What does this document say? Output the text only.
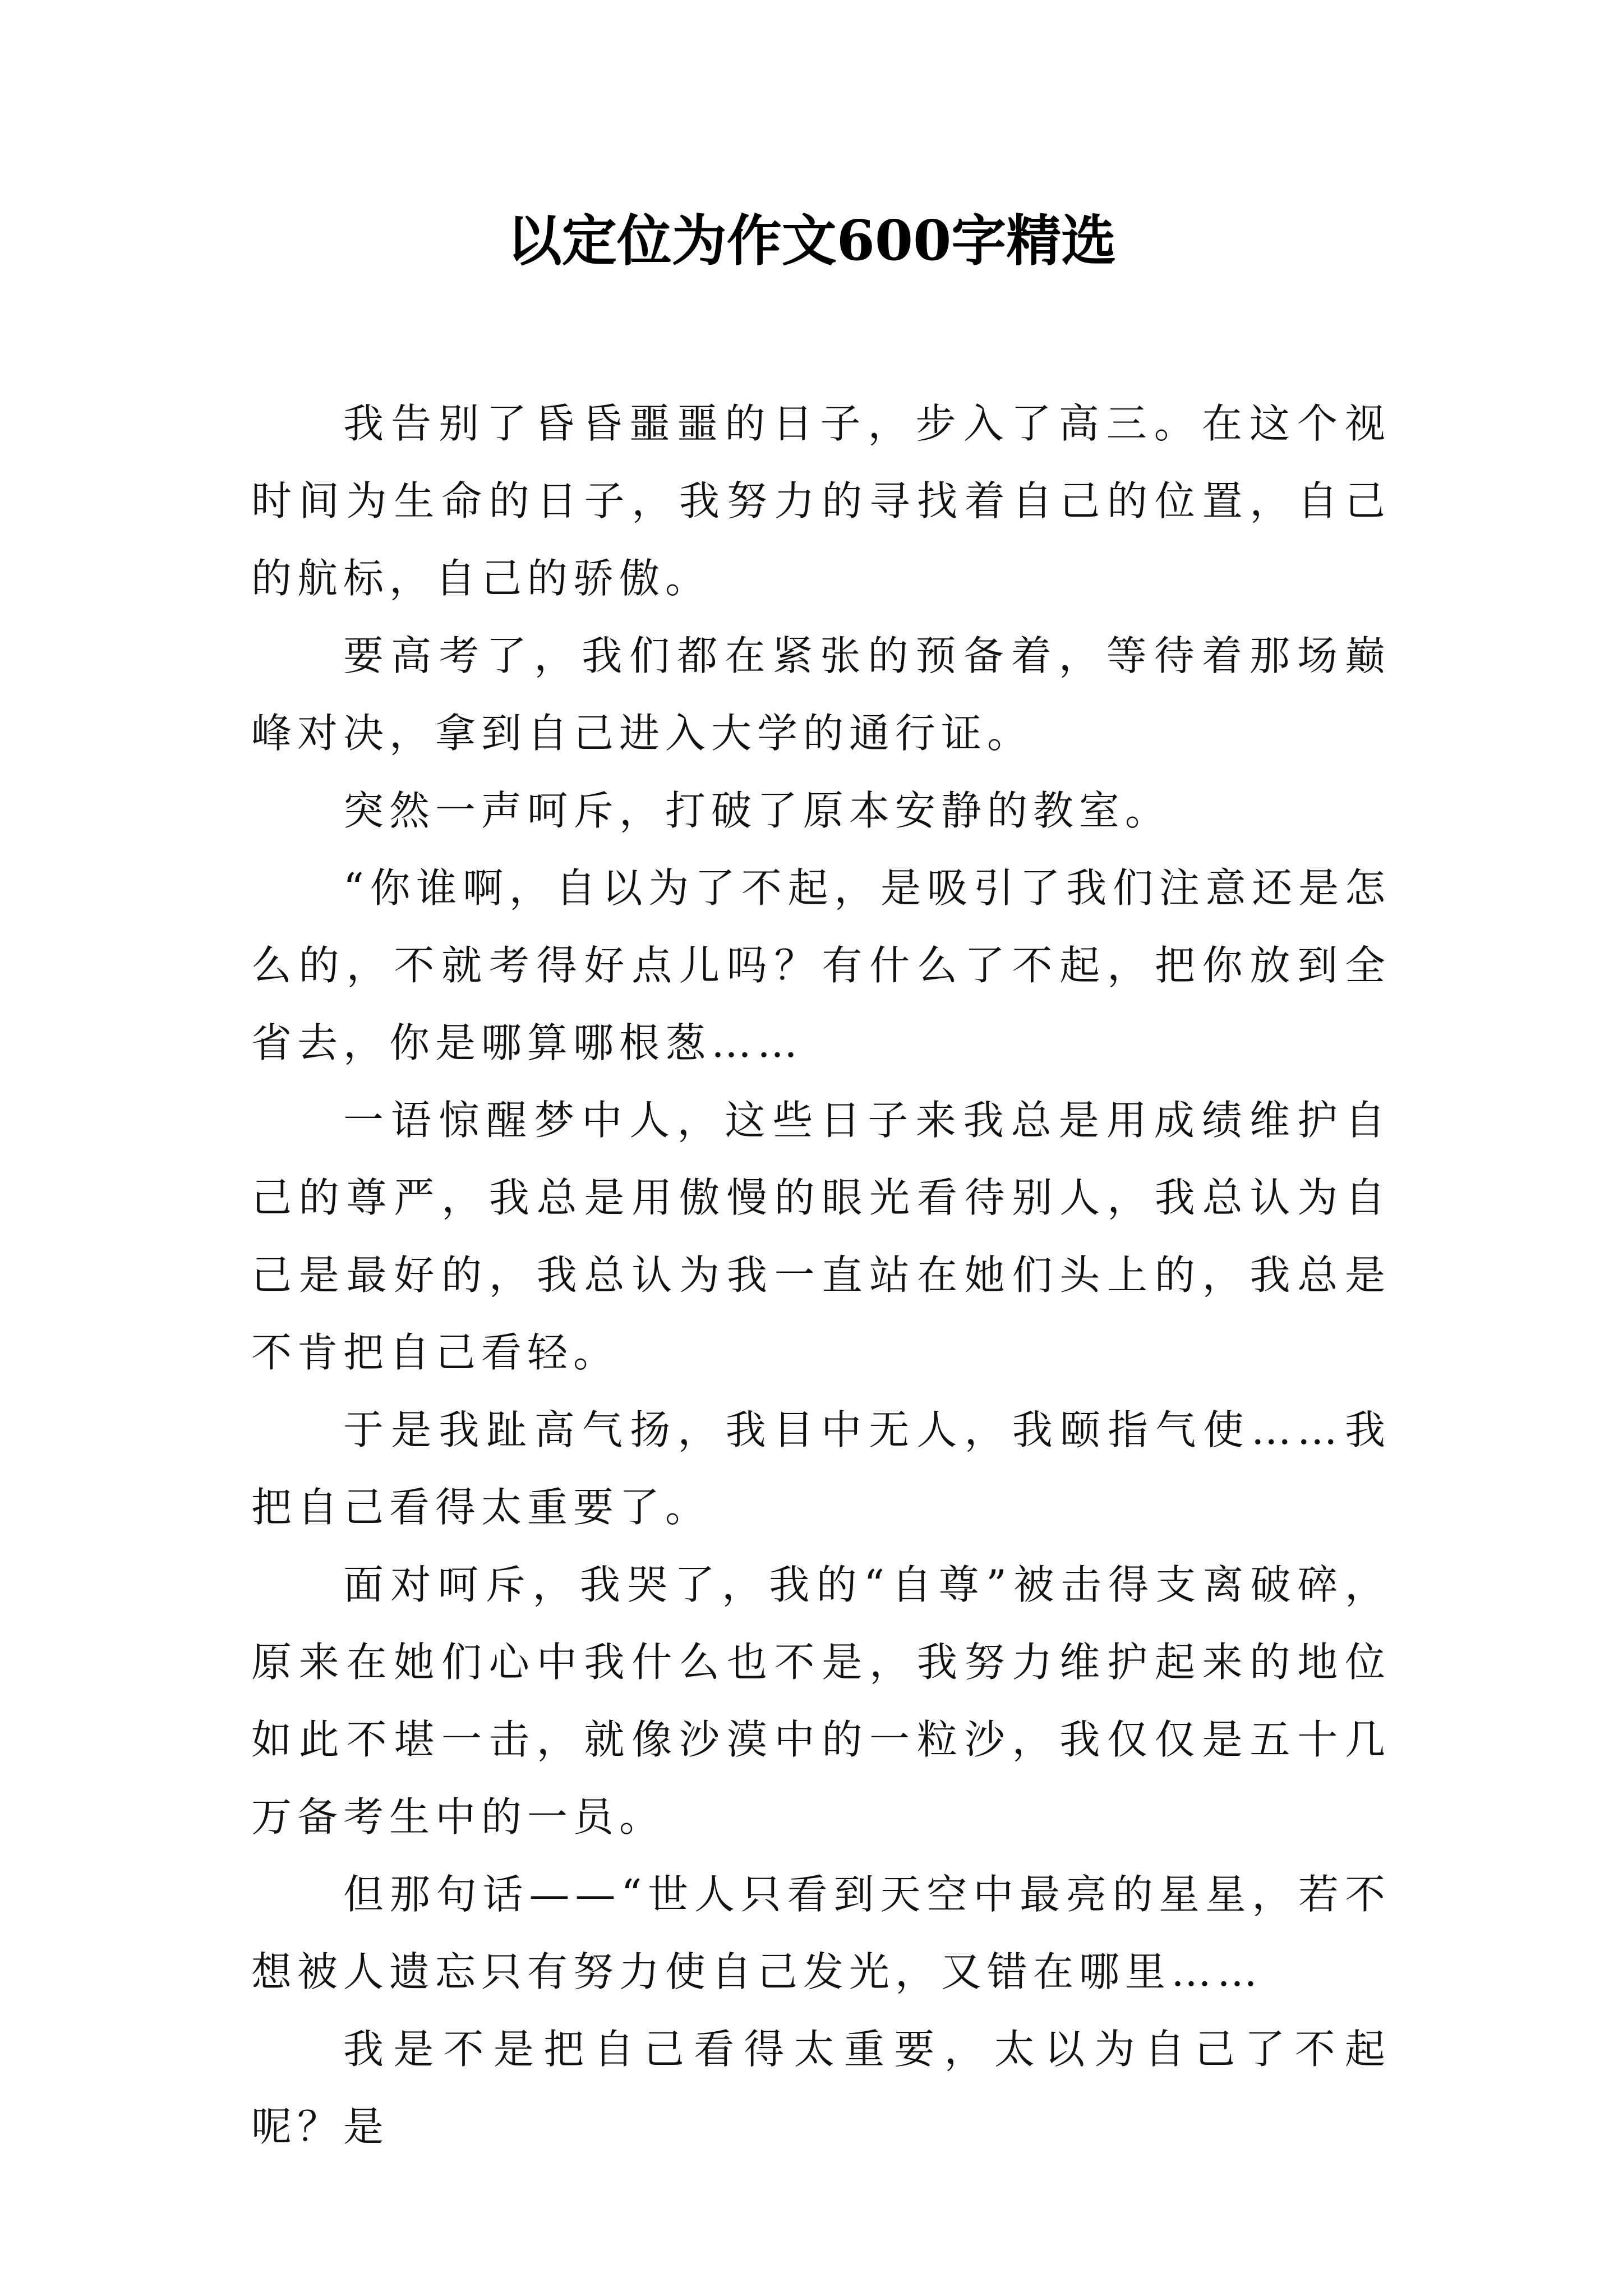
以定位为作文600字精选

我告别了昏昏噩噩的日子，步入了高三。在这个视时间为生命的日子，我努力的寻找着自己的位置，自己的航标，自己的骄傲。

要高考了，我们都在紧张的预备着，等待着那场巅峰对决，拿到自己进入大学的通行证。

突然一声呵斥，打破了原本安静的教室。

“你谁啊，自以为了不起，是吸引了我们注意还是怎么的，不就考得好点儿吗？有什么了不起，把你放到全省去，你是哪算哪根葱……

一语惊醒梦中人，这些日子来我总是用成绩维护自己的尊严，我总是用傲慢的眼光看待别人，我总认为自己是最好的，我总认为我一直站在她们头上的，我总是不肯把自己看轻。

于是我趾高气扬，我目中无人，我颐指气使……我把自己看得太重要了。

面对呵斥，我哭了，我的“自尊”被击得支离破碎，原来在她们心中我什么也不是，我努力维护起来的地位如此不堪一击，就像沙漠中的一粒沙，我仅仅是五十几万备考生中的一员。

但那句话——“世人只看到天空中最亮的星星，若不想被人遗忘只有努力使自己发光，又错在哪里……

我是不是把自己看得太重要，太以为自己了不起呢？是
